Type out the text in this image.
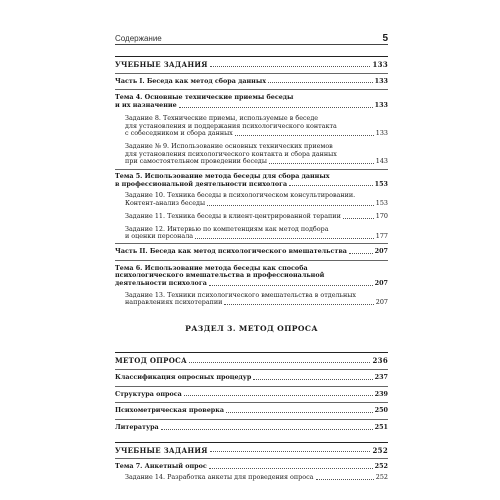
Содержание	5
УЧЕБНЫЕ ЗАДАНИЯ	133
Часть I. Беседа как метод сбора данных	133
Тема 4. Основные технические приемы беседы
и их назначение	133
Задание 8. Технические приемы, используемые в беседе
для установления и поддержания психологического контакта
с собеседником и сбора данных	133
Задание № 9. Использование основных технических приемов
для установления психологического контакта и сбора данных
при самостоятельном проведении беседы	143
Тема 5. Использование метода беседы для сбора данных
в профессиональной деятельности психолога	153
Задание 10. Техника беседы в психологическом консультировании.
Контент-анализ беседы	153
Задание 11. Техника беседы в клиент-центрированной терапии	170
Задание 12. Интервью по компетенциям как метод подбора
и оценки персонала	177
Часть II. Беседа как метод психологического вмешательства	207
Тема 6. Использование метода беседы как способа
психологического вмешательства в профессиональной
деятельности психолога	207
Задание 13. Техники психологического вмешательства в отдельных
направлениях психотерапии	207
РАЗДЕЛ 3. МЕТОД ОПРОСА
МЕТОД ОПРОСА	236
Классификация опросных процедур	237
Структура опроса	239
Психометрическая проверка	250
Литература	251
УЧЕБНЫЕ ЗАДАНИЯ	252
Тема 7. Анкетный опрос	252
Задание 14. Разработка анкеты для проведения опроса	252
